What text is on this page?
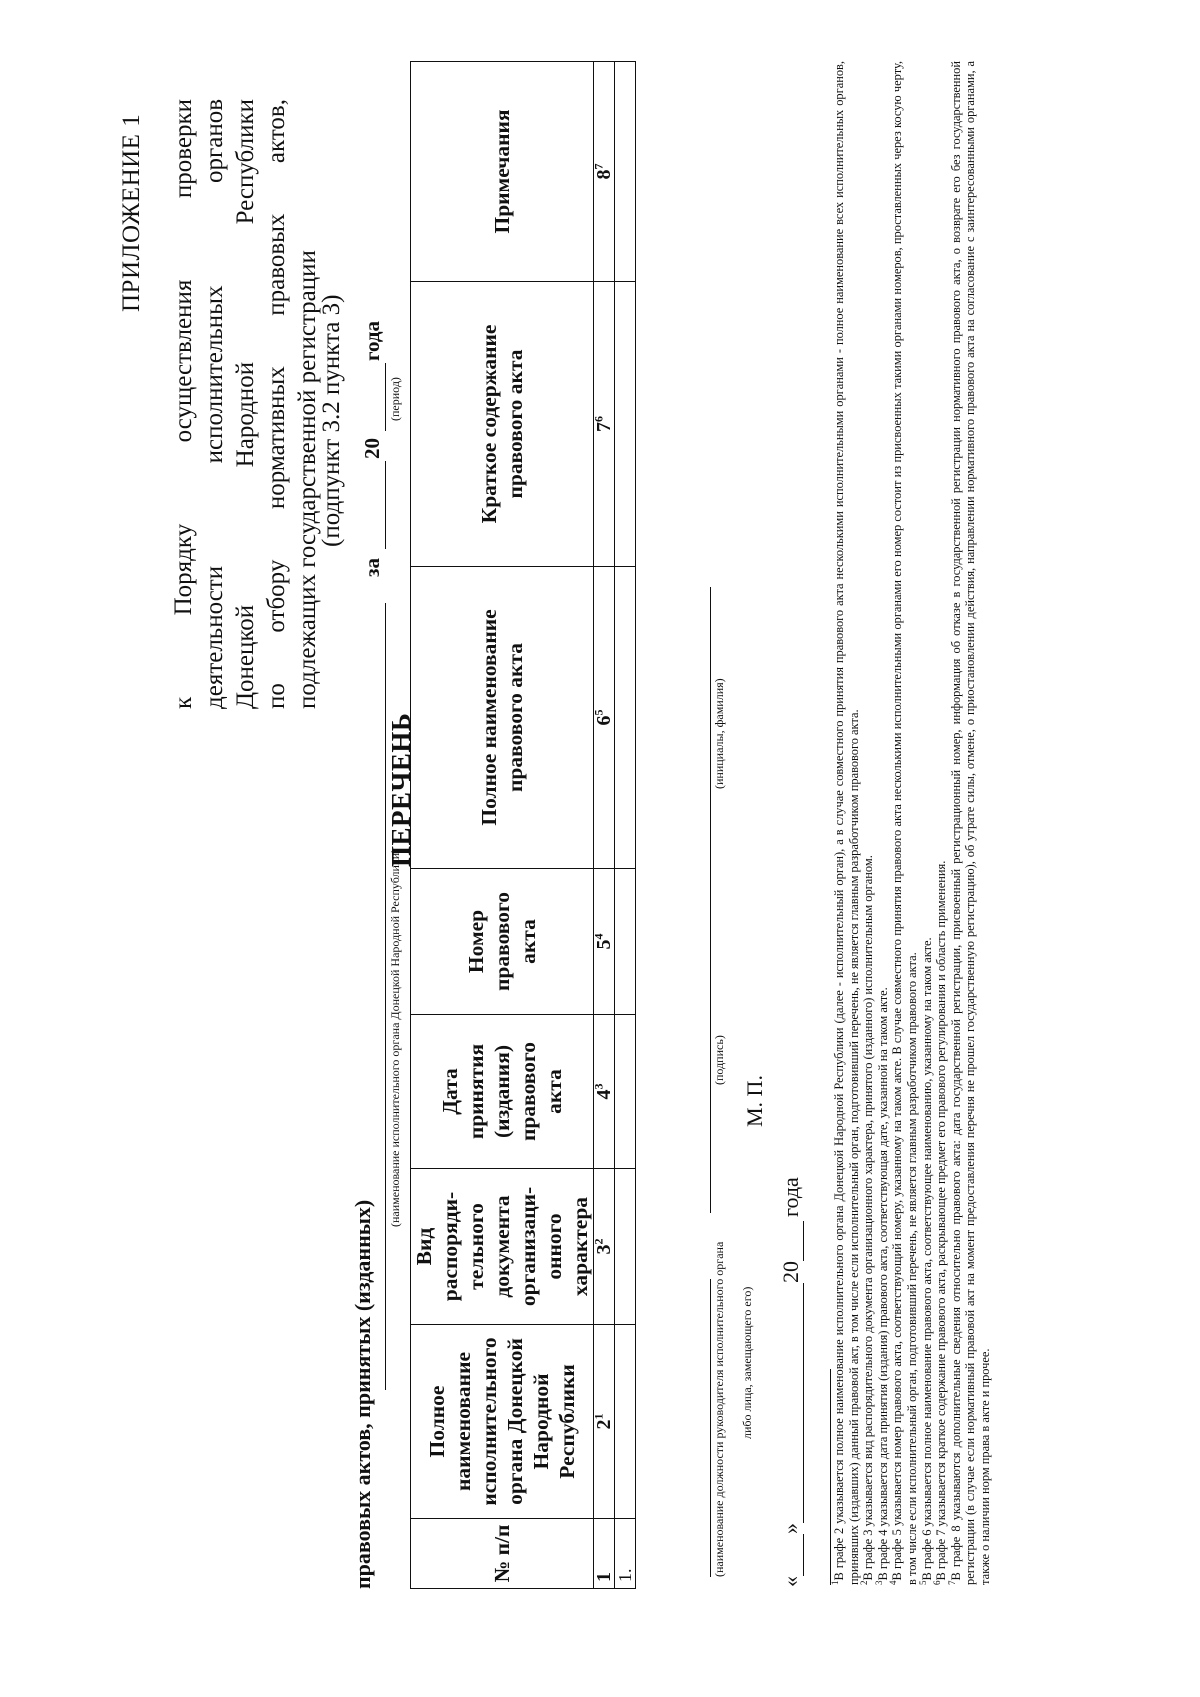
ПРИЛОЖЕНИЕ 1 к Порядку осуществления проверки деятельности исполнительных органов Донецкой Народной Республики по отбору нормативных правовых актов, подлежащих государственной регистрации
(подпункт 3.2 пункта 3)
ПЕРЕЧЕНЬ
правовых актов, принятых (изданных)
(наименование исполнительного органа Донецкой Народной Республики)
за
20
(период)
года
№ п/п	Полное наименование исполнительного органа Донецкой Народной Республики	Вид распоряди-тельного документа организаци-онного характера	Дата принятия (издания) правового акта	Номер правового акта	Полное наименование правового акта	Краткое содержание правового акта	Примечания
1	$2^1$	$3^2$	$4^3$	$5^4$	$6^5$	$7^6$	$8^7$
1.								(наименование должности руководителя исполнительного органа либо лица, замещающего его)
(подпись)
(инициалы, фамилия)
М. П.
«»20года

$^1$В графе 2 указывается полное наименование исполнительного органа Донецкой Народной Республики (далее - исполнительный орган), а в случае совместного принятия правового акта несколькими исполнительными органами - полное наименование всех исполнительных органов, принявших (издавших) данный правовой акт, в том числе если исполнительный орган, подготовивший перечень, не является главным разработчиком правового акта.

$^2$В графе 3 указывается вид распорядительного документа организационного характера, принятого (изданного) исполнительным органом.

$^3$В графе 4 указывается дата принятия (издания) правового акта, соответствующая дате, указанной на таком акте.

$^4$В графе 5 указывается номер правового акта, соответствующий номеру, указанному на таком акте. В случае совместного принятия правового акта несколькими исполнительными органами его номер состоит из присвоенных такими органами номеров, проставленных через косую черту, в том числе если исполнительный орган, подготовивший перечень, не является главным разработчиком правового акта.

$^5$В графе 6 указывается полное наименование правового акта, соответствующее наименованию, указанному на таком акте.

$^6$В графе 7 указывается краткое содержание правового акта, раскрывающее предмет его правового регулирования и область применения.

$^7$В графе 8 указываются дополнительные сведения относительно правового акта: дата государственной регистрации, присвоенный регистрационный номер, информация об отказе в государственной регистрации нормативного правового акта, о возврате его без государственной регистрации (в случае если нормативный правовой акт на момент предоставления перечня не прошел государственную регистрацию), об утрате силы, отмене, о приостановлении действия, направлении нормативного правового акта на согласование с заинтересованными органами, а также о наличии норм права в акте и прочее.
